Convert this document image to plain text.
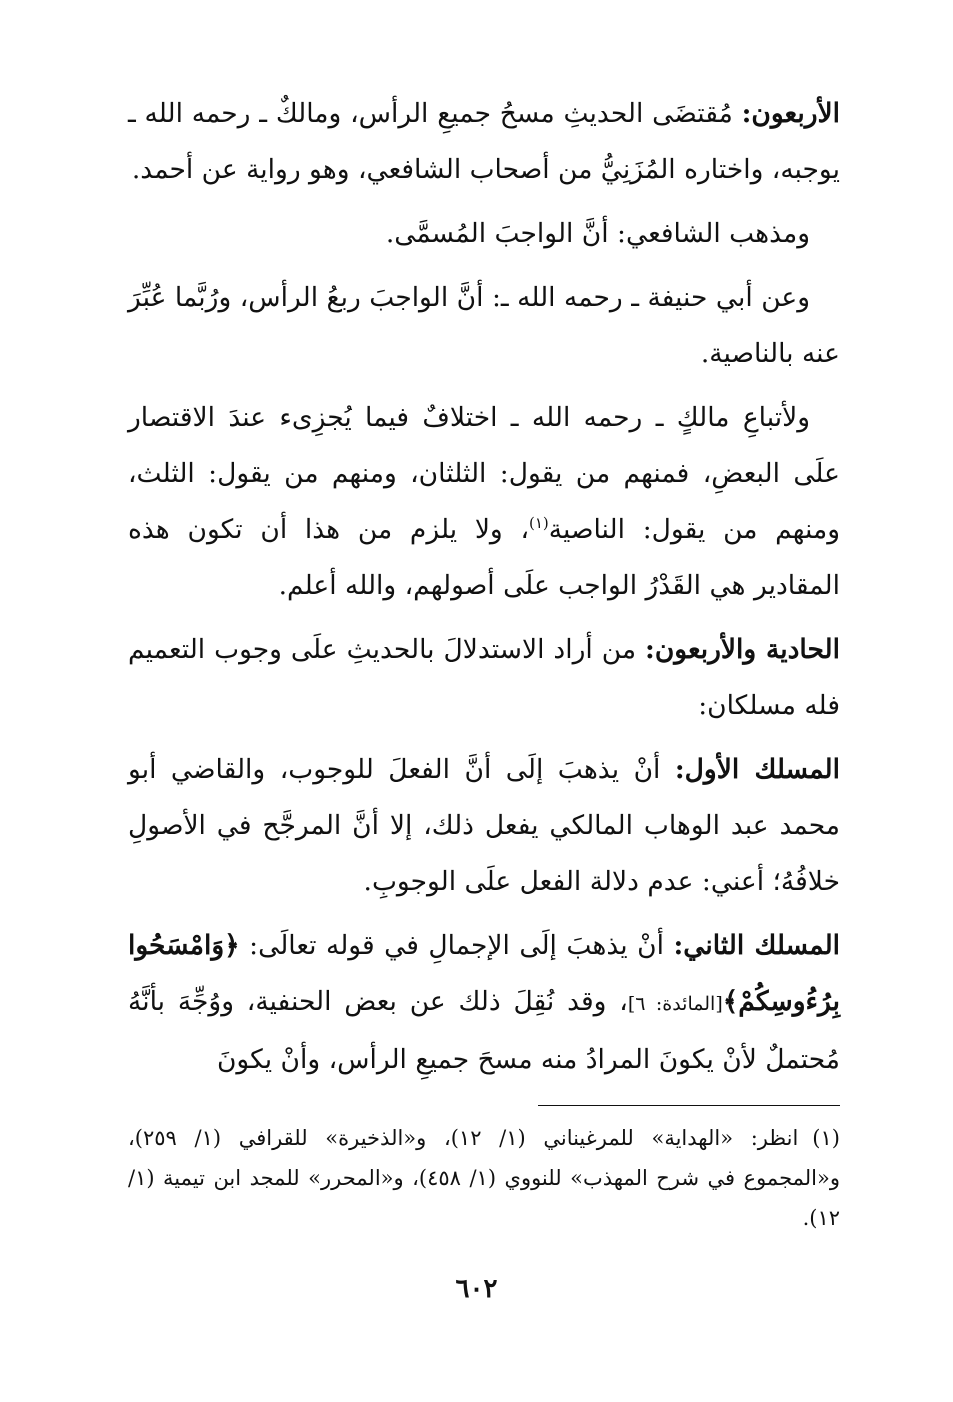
الأربعون: مُقتضَى الحديثِ مسحُ جميعِ الرأس، ومالكٌ ـ رحمه الله ـ يوجبه، واختاره المُزَنِيُّ من أصحاب الشافعي، وهو رواية عن أحمد.

ومذهب الشافعي: أنَّ الواجبَ المُسمَّى.

وعن أبي حنيفة ـ رحمه الله ـ: أنَّ الواجبَ ربعُ الرأس، ورُبَّما عُبِّرَ عنه بالناصية.

ولأتباعِ مالكٍ ـ رحمه الله ـ اختلافٌ فيما يُجزِىء عندَ الاقتصار علَى البعضِ، فمنهم من يقول: الثلثان، ومنهم من يقول: الثلث، ومنهم من يقول: الناصية$^{(١)}$، ولا يلزم من هذا أن تكون هذه المقادير هي القَدْرُ الواجب علَى أصولهم، والله أعلم.

الحادية والأربعون: من أراد الاستدلالَ بالحديثِ علَى وجوب التعميم فله مسلكان:

المسلك الأول: أنْ يذهبَ إلَى أنَّ الفعلَ للوجوب، والقاضي أبو محمد عبد الوهاب المالكي يفعل ذلك، إلا أنَّ المرجَّح في الأصولِ خلافُهُ؛ أعني: عدم دلالة الفعل علَى الوجوبِ.

المسلك الثاني: أنْ يذهبَ إلَى الإجمالِ في قوله تعالَى: ﴿وَامْسَحُوا بِرُءُوسِكُمْ﴾[المائدة: ٦]، وقد نُقِلَ ذلك عن بعض الحنفية، ووُجِّهَ بأنَّهُ مُحتملٌ لأنْ يكونَ المرادُ منه مسحَ جميعِ الرأس، وأنْ يكونَ

(١)انظر: «الهداية» للمرغيناني (١/ ١٢)، و«الذخيرة» للقرافي (١/ ٢٥٩)، و«المجموع في شرح المهذب» للنووي (١/ ٤٥٨)، و«المحرر» للمجد ابن تيمية (١/ ١٢).

٦٠٢
